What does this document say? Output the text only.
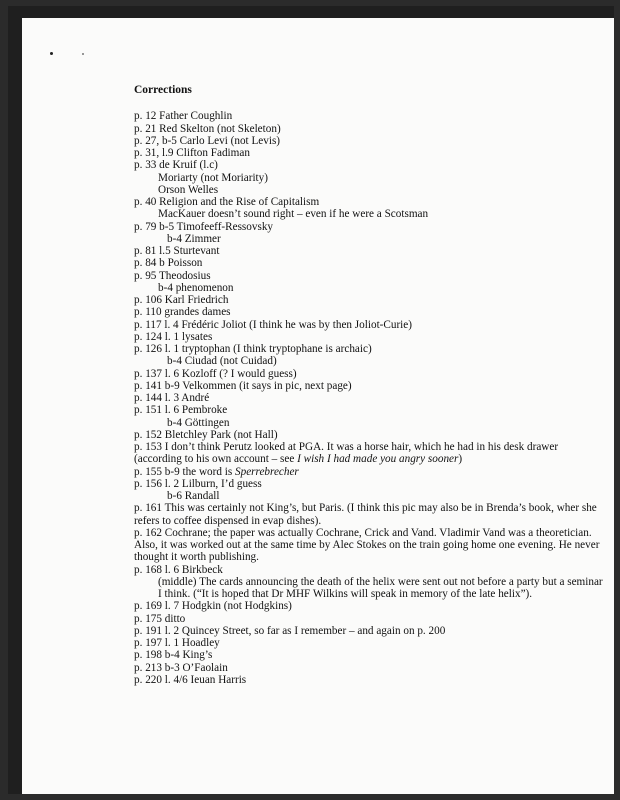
Corrections
p. 12 Father Coughlin
p. 21 Red Skelton (not Skeleton)
p. 27, b-5 Carlo Levi (not Levis)
p. 31, l.9 Clifton Fadiman
p. 33 de Kruif (l.c)
Moriarty (not Moriarity)
Orson Welles
p. 40 Religion and the Rise of Capitalism
MacKauer doesn’t sound right – even if he were a Scotsman
p. 79 b-5 Timofeeff-Ressovsky
b-4 Zimmer
p. 81 l.5 Sturtevant
p. 84 b Poisson
p. 95 Theodosius
b-4 phenomenon
p. 106 Karl Friedrich
p. 110 grandes dames
p. 117 l. 4 Frédéric Joliot (I think he was by then Joliot-Curie)
p. 124 l. 1 lysates
p. 126 l. 1 tryptophan (I think tryptophane is archaic)
b-4 Ciudad (not Cuidad)
p. 137 l. 6 Kozloff (? I would guess)
p. 141 b-9 Velkommen (it says in pic, next page)
p. 144 l. 3 André
p. 151 l. 6 Pembroke
b-4 Göttingen
p. 152 Bletchley Park (not Hall)
p. 153 I don’t think Perutz looked at PGA. It was a horse hair, which he had in his desk drawer (according to his own account – see I wish I had made you angry sooner)
p. 155 b-9 the word is Sperrebrecher
p. 156 l. 2 Lilburn, I’d guess
b-6 Randall
p. 161 This was certainly not King’s, but Paris. (I think this pic may also be in Brenda’s book, wher she refers to coffee dispensed in evap dishes).
p. 162 Cochrane; the paper was actually Cochrane, Crick and Vand. Vladimir Vand was a theoretician. Also, it was worked out at the same time by Alec Stokes on the train going home one evening. He never thought it worth publishing.
p. 168 l. 6 Birkbeck
(middle) The cards announcing the death of the helix were sent out not before a party but a seminar I think. (“It is hoped that Dr MHF Wilkins will speak in memory of the late helix”).
p. 169 l. 7 Hodgkin (not Hodgkins)
p. 175 ditto
p. 191 l. 2 Quincey Street, so far as I remember – and again on p. 200
p. 197 l. 1 Hoadley
p. 198 b-4 King’s
p. 213 b-3 O’Faolain
p. 220 l. 4/6 Ieuan Harris
